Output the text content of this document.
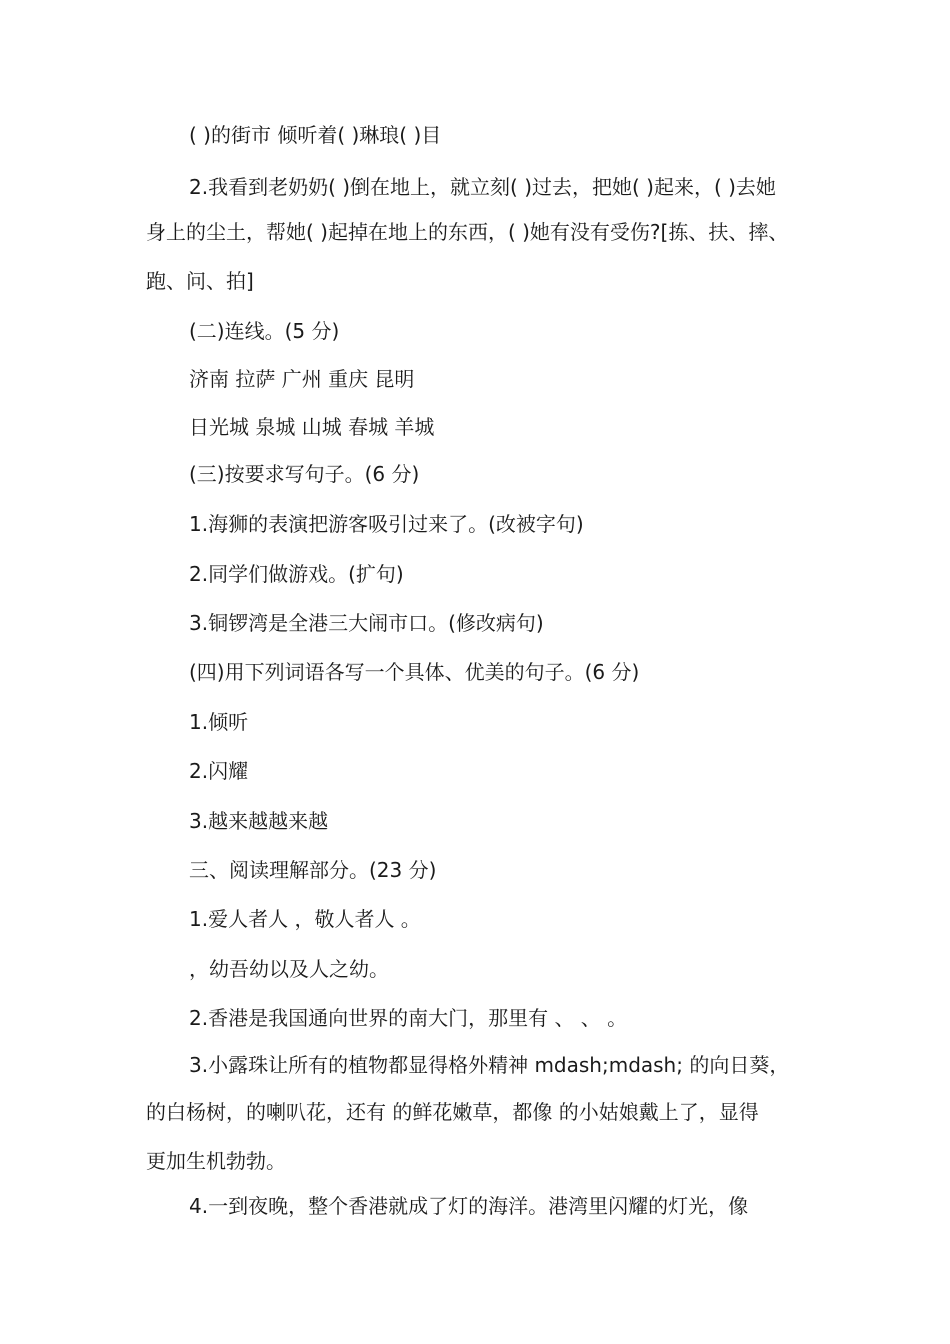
( )的街市 倾听着( )琳琅( )目
2.我看到老奶奶( )倒在地上，就立刻( )过去，把她( )起来，( )去她
身上的尘土，帮她( )起掉在地上的东西，( )她有没有受伤?[拣、扶、摔、
跑、问、拍]
(二)连线。(5 分)
济南 拉萨 广州 重庆 昆明
日光城 泉城 山城 春城 羊城
(三)按要求写句子。(6 分)
1.海狮的表演把游客吸引过来了。(改被字句)
2.同学们做游戏。(扩句)
3.铜锣湾是全港三大闹市口。(修改病句)
(四)用下列词语各写一个具体、优美的句子。(6 分)
1.倾听
2.闪耀
3.越来越越来越
三、阅读理解部分。(23 分)
1.爱人者人 ，敬人者人 。
，幼吾幼以及人之幼。
2.香港是我国通向世界的南大门，那里有 、 、 。
3.小露珠让所有的植物都显得格外精神 mdash;mdash; 的向日葵，
的白杨树，的喇叭花，还有 的鲜花嫩草，都像 的小姑娘戴上了，显得
更加生机勃勃。
4.一到夜晚，整个香港就成了灯的海洋。港湾里闪耀的灯光，像
